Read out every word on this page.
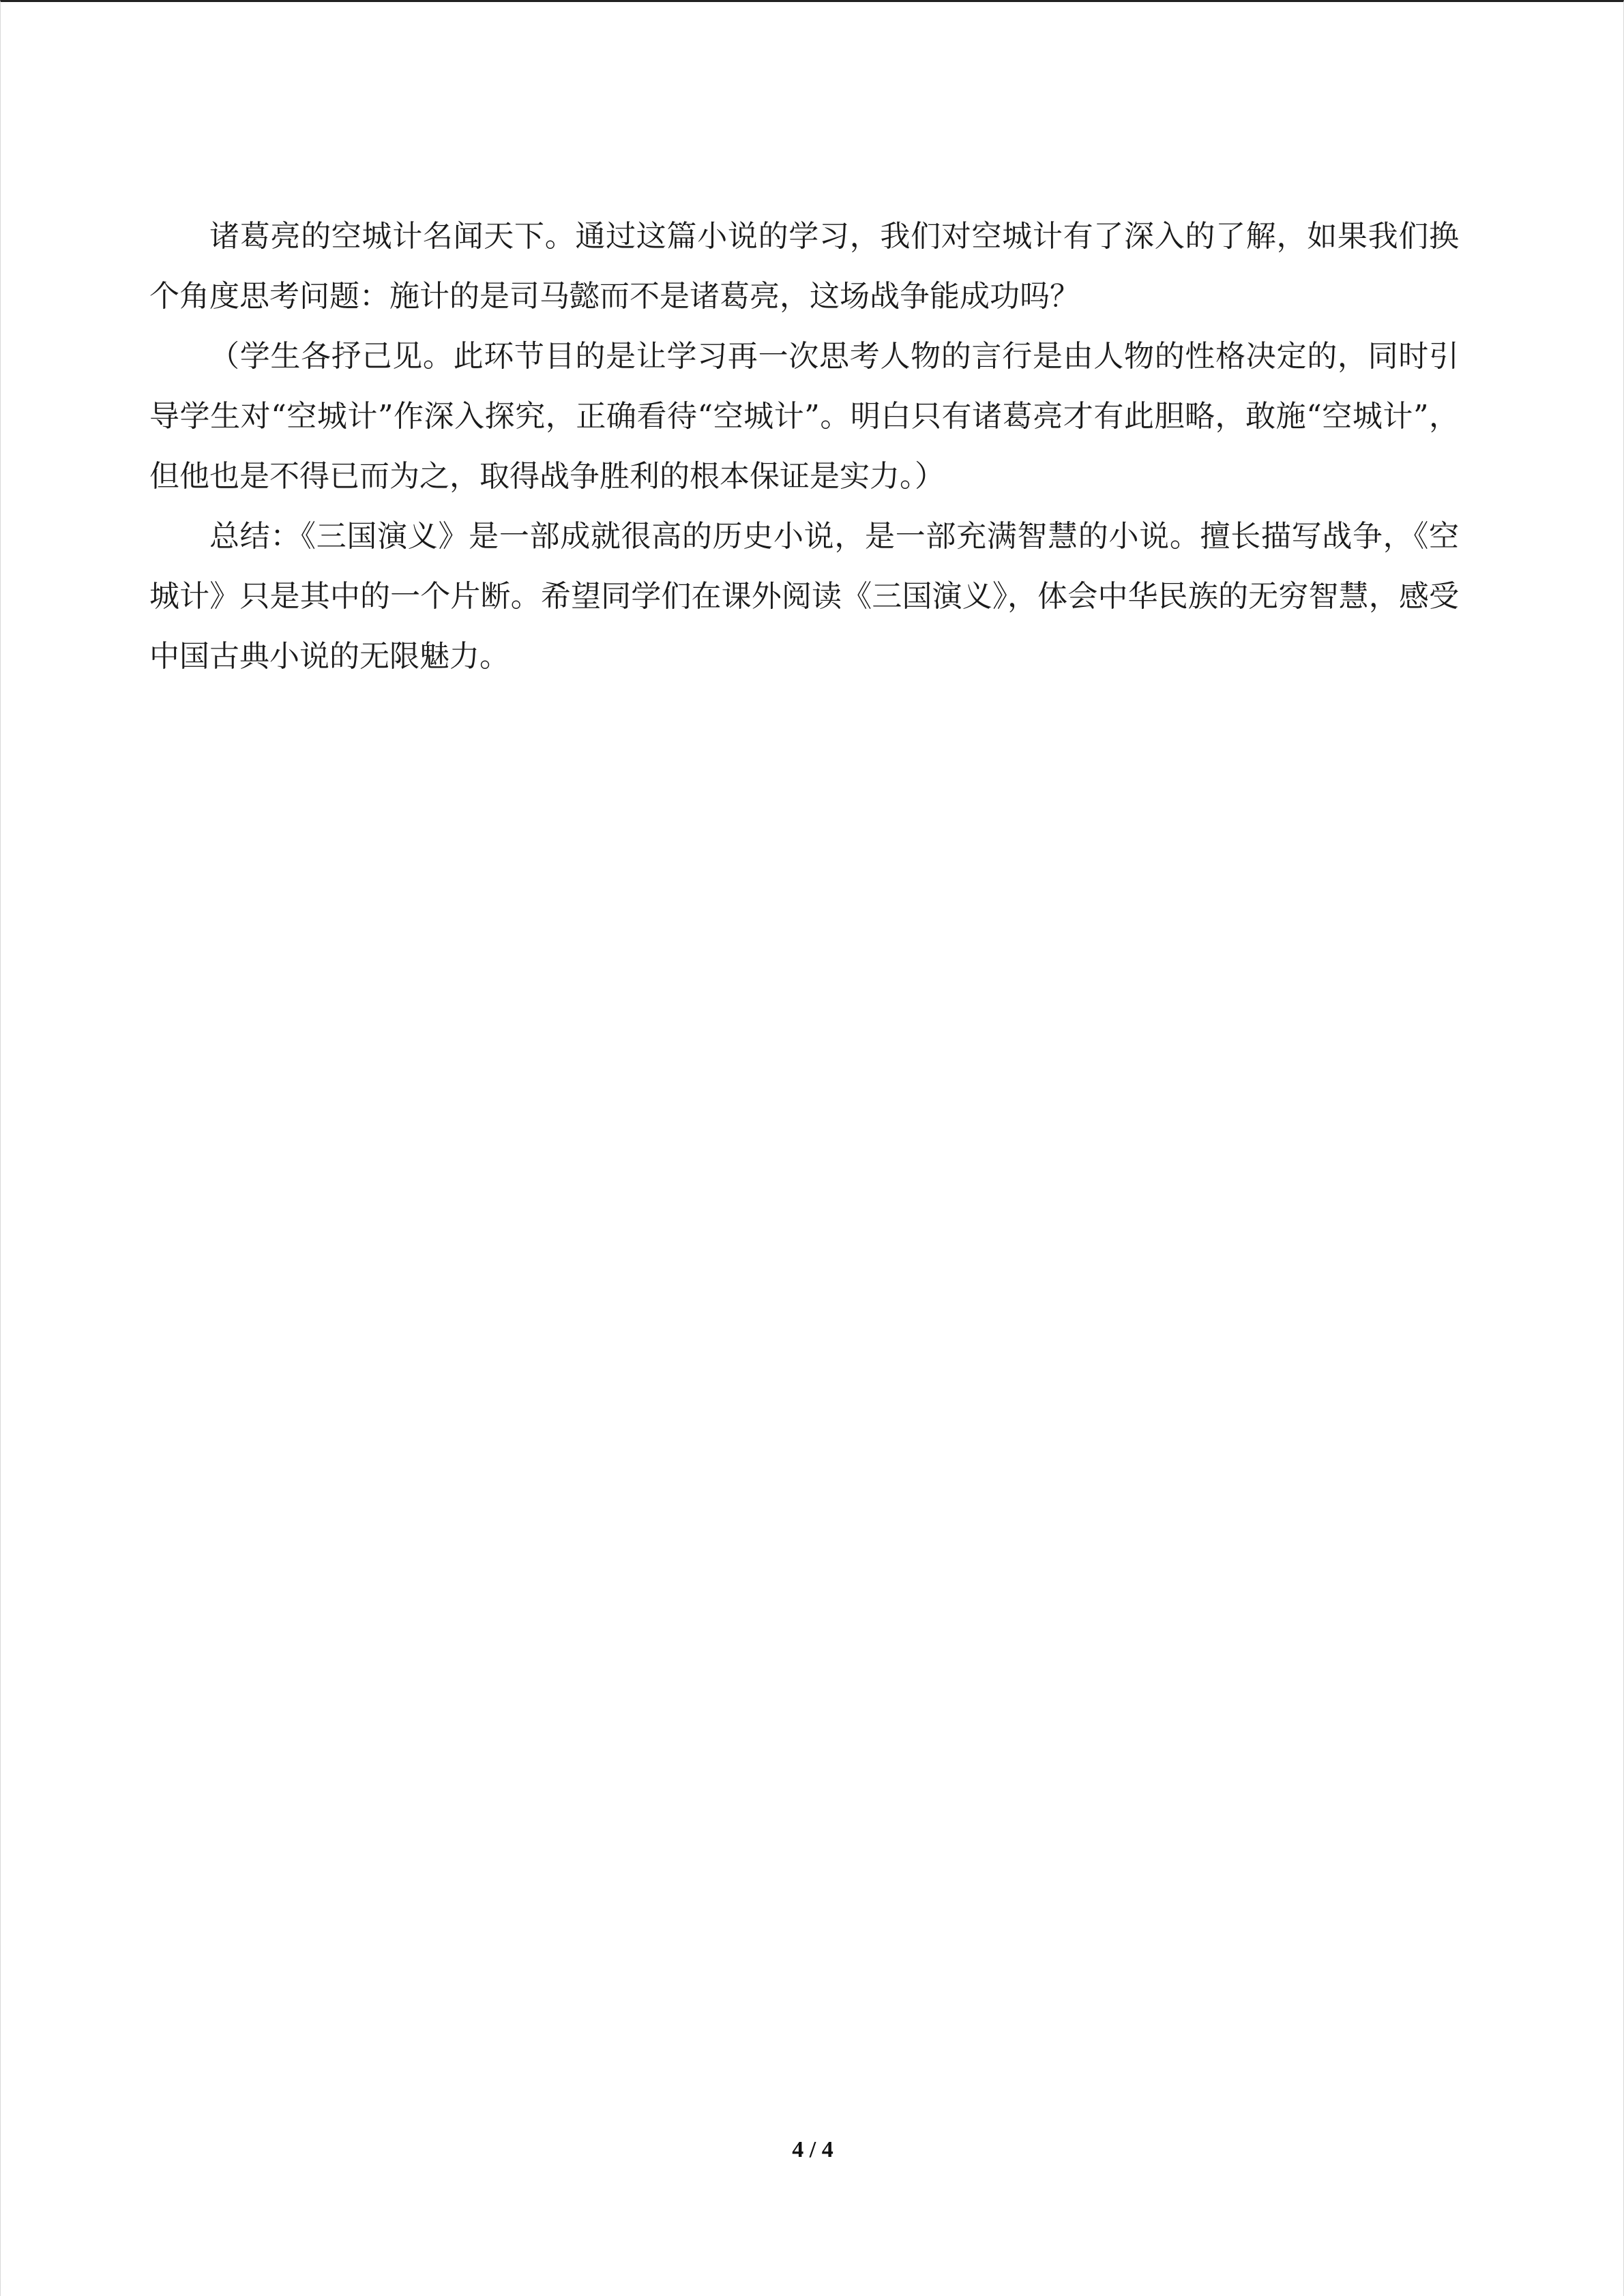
诸葛亮的空城计名闻天下。通过这篇小说的学习，我们对空城计有了深入的了解，如果我们换个角度思考问题：施计的是司马懿而不是诸葛亮，这场战争能成功吗？

（学生各抒己见。此环节目的是让学习再一次思考人物的言行是由人物的性格决定的，同时引导学生对“空城计”作深入探究，正确看待“空城计”。明白只有诸葛亮才有此胆略，敢施“空城计”，但他也是不得已而为之，取得战争胜利的根本保证是实力。）

总结：《三国演义》是一部成就很高的历史小说，是一部充满智慧的小说。擅长描写战争，《空城计》只是其中的一个片断。希望同学们在课外阅读《三国演义》，体会中华民族的无穷智慧，感受中国古典小说的无限魅力。

4 / 4
